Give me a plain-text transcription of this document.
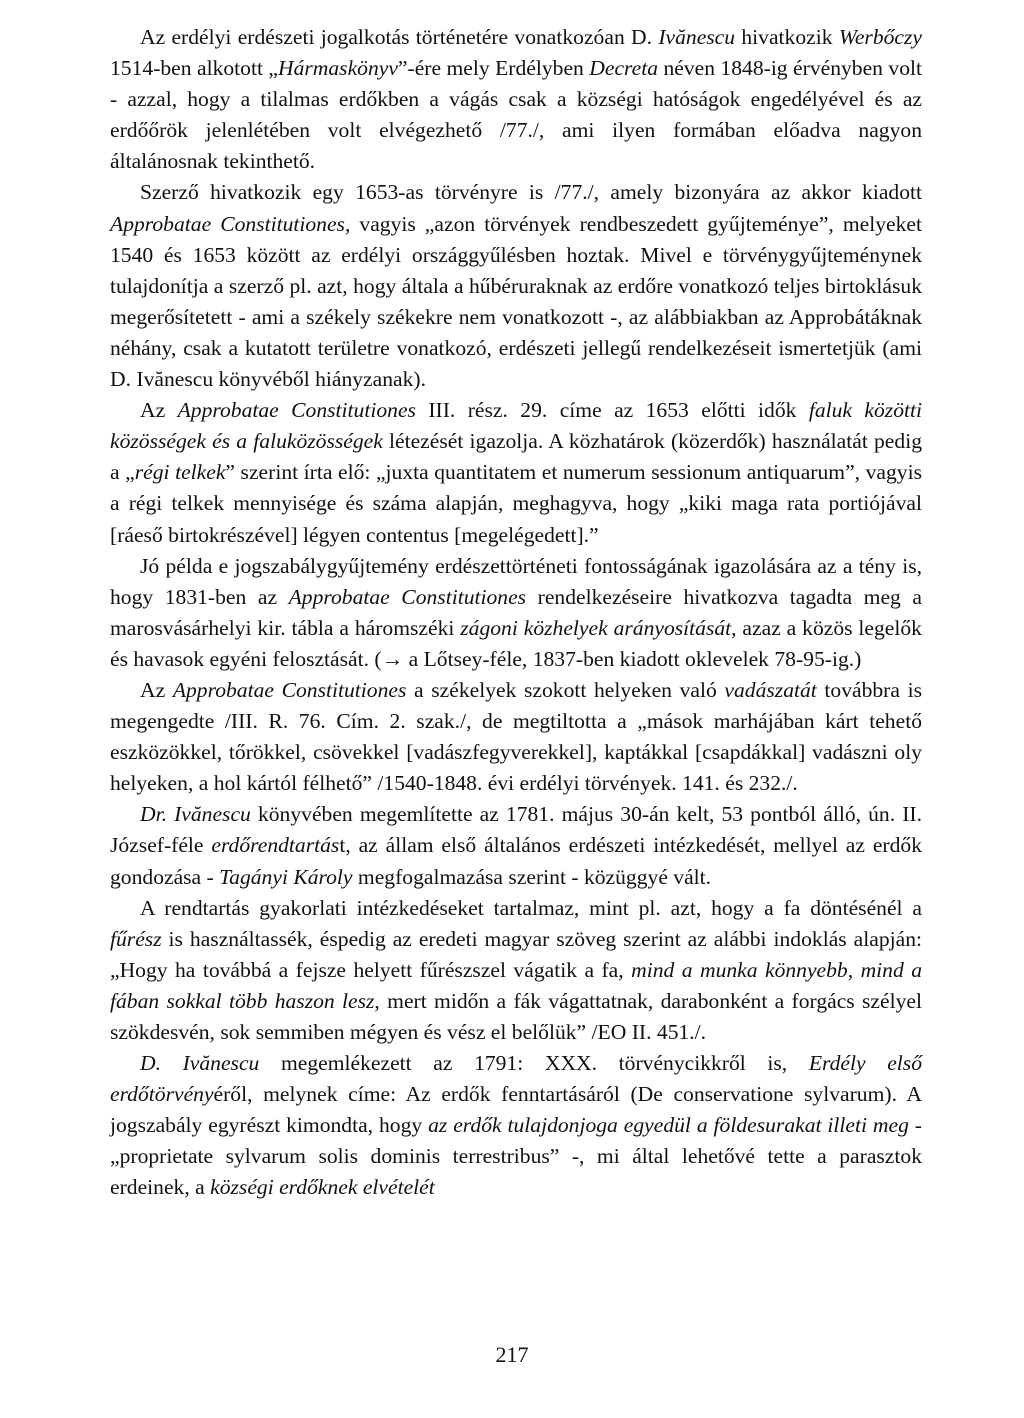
Az erdélyi erdészeti jogalkotás történetére vonatkozóan D. Ivănescu hivatkozik Werbőczy 1514-ben alkotott „Hármaskönyv”-ére mely Erdélyben Decreta néven 1848-ig érvényben volt - azzal, hogy a tilalmas erdőkben a vágás csak a községi hatóságok engedélyével és az erdőőrök jelenlétében volt elvégezhető /77./, ami ilyen formában előadva nagyon általánosnak tekinthető.

Szerző hivatkozik egy 1653-as törvényre is /77./, amely bizonyára az akkor kiadott Approbatae Constitutiones, vagyis „azon törvények rendbeszedett gyűjteménye”, melyeket 1540 és 1653 között az erdélyi országgyűlésben hoztak. Mivel e törvénygyűjteménynek tulajdonítja a szerző pl. azt, hogy általa a hűbéruraknak az erdőre vonatkozó teljes birtoklásuk megerősítetett - ami a székely székekre nem vonatkozott -, az alábbiakban az Approbátáknak néhány, csak a kutatott területre vonatkozó, erdészeti jellegű rendelkezéseit ismertetjük (ami D. Ivănescu könyvéből hiányzanak).

Az Approbatae Constitutiones III. rész. 29. címe az 1653 előtti idők faluk közötti közösségek és a faluközösségek létezését igazolja. A közhatárok (közerdők) használatát pedig a „régi telkek” szerint írta elő: „juxta quantitatem et numerum sessionum antiquarum”, vagyis a régi telkek mennyisége és száma alapján, meghagyva, hogy „kiki maga rata portiójával [ráeső birtokrészével] légyen contentus [megelégedett].”

Jó példa e jogszabálygyűjtemény erdészettörténeti fontosságának igazolására az a tény is, hogy 1831-ben az Approbatae Constitutiones rendelkezéseire hivatkozva tagadta meg a marosvásárhelyi kir. tábla a háromszéki zágoni közhelyek arányosítását, azaz a közös legelők és havasok egyéni felosztását. (→ a Lőtsey-féle, 1837-ben kiadott oklevelek 78-95-ig.)

Az Approbatae Constitutiones a székelyek szokott helyeken való vadászatát továbbra is megengedte /III. R. 76. Cím. 2. szak./, de megtiltotta a „mások marhájában kárt tehető eszközökkel, tőrökkel, csövekkel [vadászfegyverekkel], kaptákkal [csapdákkal] vadászni oly helyeken, a hol kártól félhető” /1540-1848. évi erdélyi törvények. 141. és 232./.

Dr. Ivănescu könyvében megemlítette az 1781. május 30-án kelt, 53 pontból álló, ún. II. József-féle erdőrendtartást, az állam első általános erdészeti intézkedését, mellyel az erdők gondozása - Tagányi Károly megfogalmazása szerint - közüggyé vált.

A rendtartás gyakorlati intézkedéseket tartalmaz, mint pl. azt, hogy a fa döntésénél a fűrész is használtassék, éspedig az eredeti magyar szöveg szerint az alábbi indoklás alapján: „Hogy ha továbbá a fejsze helyett fűrészszel vágatik a fa, mind a munka könnyebb, mind a fában sokkal több haszon lesz, mert midőn a fák vágattatnak, darabonként a forgács szélyel szökdesvén, sok semmiben mégyen és vész el belőlük” /EO II. 451./.

D. Ivănescu megemlékezett az 1791: XXX. törvénycikkről is, Erdély első erdőtörvényéről, melynek címe: Az erdők fenntartásáról (De conservatione sylvarum). A jogszabály egyrészt kimondta, hogy az erdők tulajdonjoga egyedül a földesurakat illeti meg - „proprietate sylvarum solis dominis terrestribus” -, mi által lehetővé tette a parasztok erdeinek, a községi erdőknek elvételét

217
